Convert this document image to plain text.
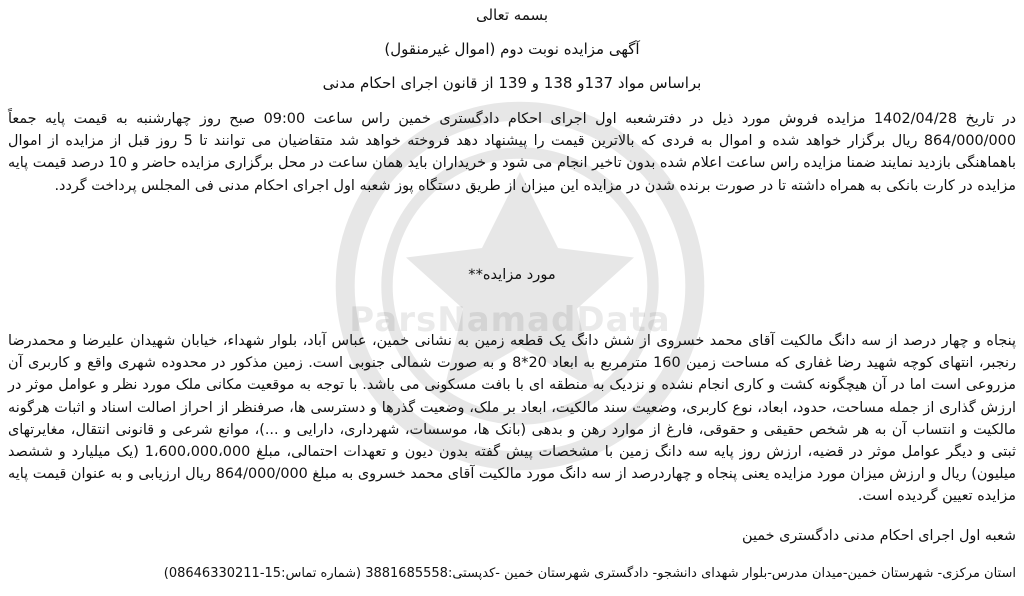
ParsNamadData
بسمه تعالی
آگهی مزایده نوبت دوم (اموال غیرمنقول)
براساس مواد 137و 138 و 139 از قانون اجرای احکام مدنی
در تاریخ 1402/04/28 مزایده فروش مورد ذیل در دفترشعبه اول اجرای احکام دادگستری خمین راس ساعت 09:00 صبح روز چهارشنبه به قیمت پایه جمعاً 864/000/000 ریال برگزار خواهد شده و اموال به فردی که بالاترین قیمت را پیشنهاد دهد فروخته خواهد شد متقاضیان می توانند تا 5 روز قبل از مزایده از اموال باهماهنگی بازدید نمایند ضمنا مزایده راس ساعت اعلام شده بدون تاخیر انجام می شود و خریداران باید همان ساعت در محل برگزاری مزایده حاضر و 10 درصد قیمت پایه مزایده در کارت بانکی به همراه داشته تا در صورت برنده شدن در مزایده این میزان از طریق دستگاه پوز شعبه اول اجرای احکام مدنی فی المجلس پرداخت گردد.
مورد مزایده**
پنجاه و چهار درصد از سه دانگ مالکیت آقای محمد خسروی از شش دانگ یک قطعه زمین به نشانی خمین، عباس آباد، بلوار شهداء، خیابان شهیدان علیرضا و محمدرضا رنجبر، انتهای کوچه شهید رضا غفاری که مساحت زمین 160 مترمربع به ابعاد 20*8 و به صورت شمالی جنوبی است. زمین مذکور در محدوده شهری واقع و کاربری آن مزروعی است اما در آن هیچگونه کشت و کاری انجام نشده و نزدیک به منطقه ای با بافت مسکونی می باشد. با توجه به موقعیت مکانی ملک مورد نظر و عوامل موثر در ارزش گذاری از جمله مساحت، حدود، ابعاد، نوع کاربری، وضعیت سند مالکیت، ابعاد بر ملک، وضعیت گذرها و دسترسی ها، صرفنظر از احراز اصالت اسناد و اثبات هرگونه مالکیت و انتساب آن به هر شخص حقیقی و حقوقی، فارغ از موارد رهن و بدهی (بانک ها، موسسات، شهرداری، دارایی و ...)، موانع شرعی و قانونی انتقال، مغایرتهای ثبتی و دیگر عوامل موثر در قضیه، ارزش روز پایه سه دانگ زمین با مشخصات پیش گفته بدون دیون و تعهدات احتمالی، مبلغ 1،600،000،000 (یک میلیارد و ششصد میلیون) ریال و ارزش میزان مورد مزایده یعنی پنجاه و چهاردرصد از سه دانگ مورد مالکیت آقای محمد خسروی به مبلغ 864/000/000 ریال ارزیابی و به عنوان قیمت پایه مزایده تعیین گردیده است.
شعبه اول اجرای احکام مدنی دادگستری خمین
استان مرکزی- شهرستان خمین-میدان مدرس-بلوار شهدای دانشجو- دادگستری شهرستان خمین -کدپستی:3881685558 (شماره تماس:15-08646330211)
